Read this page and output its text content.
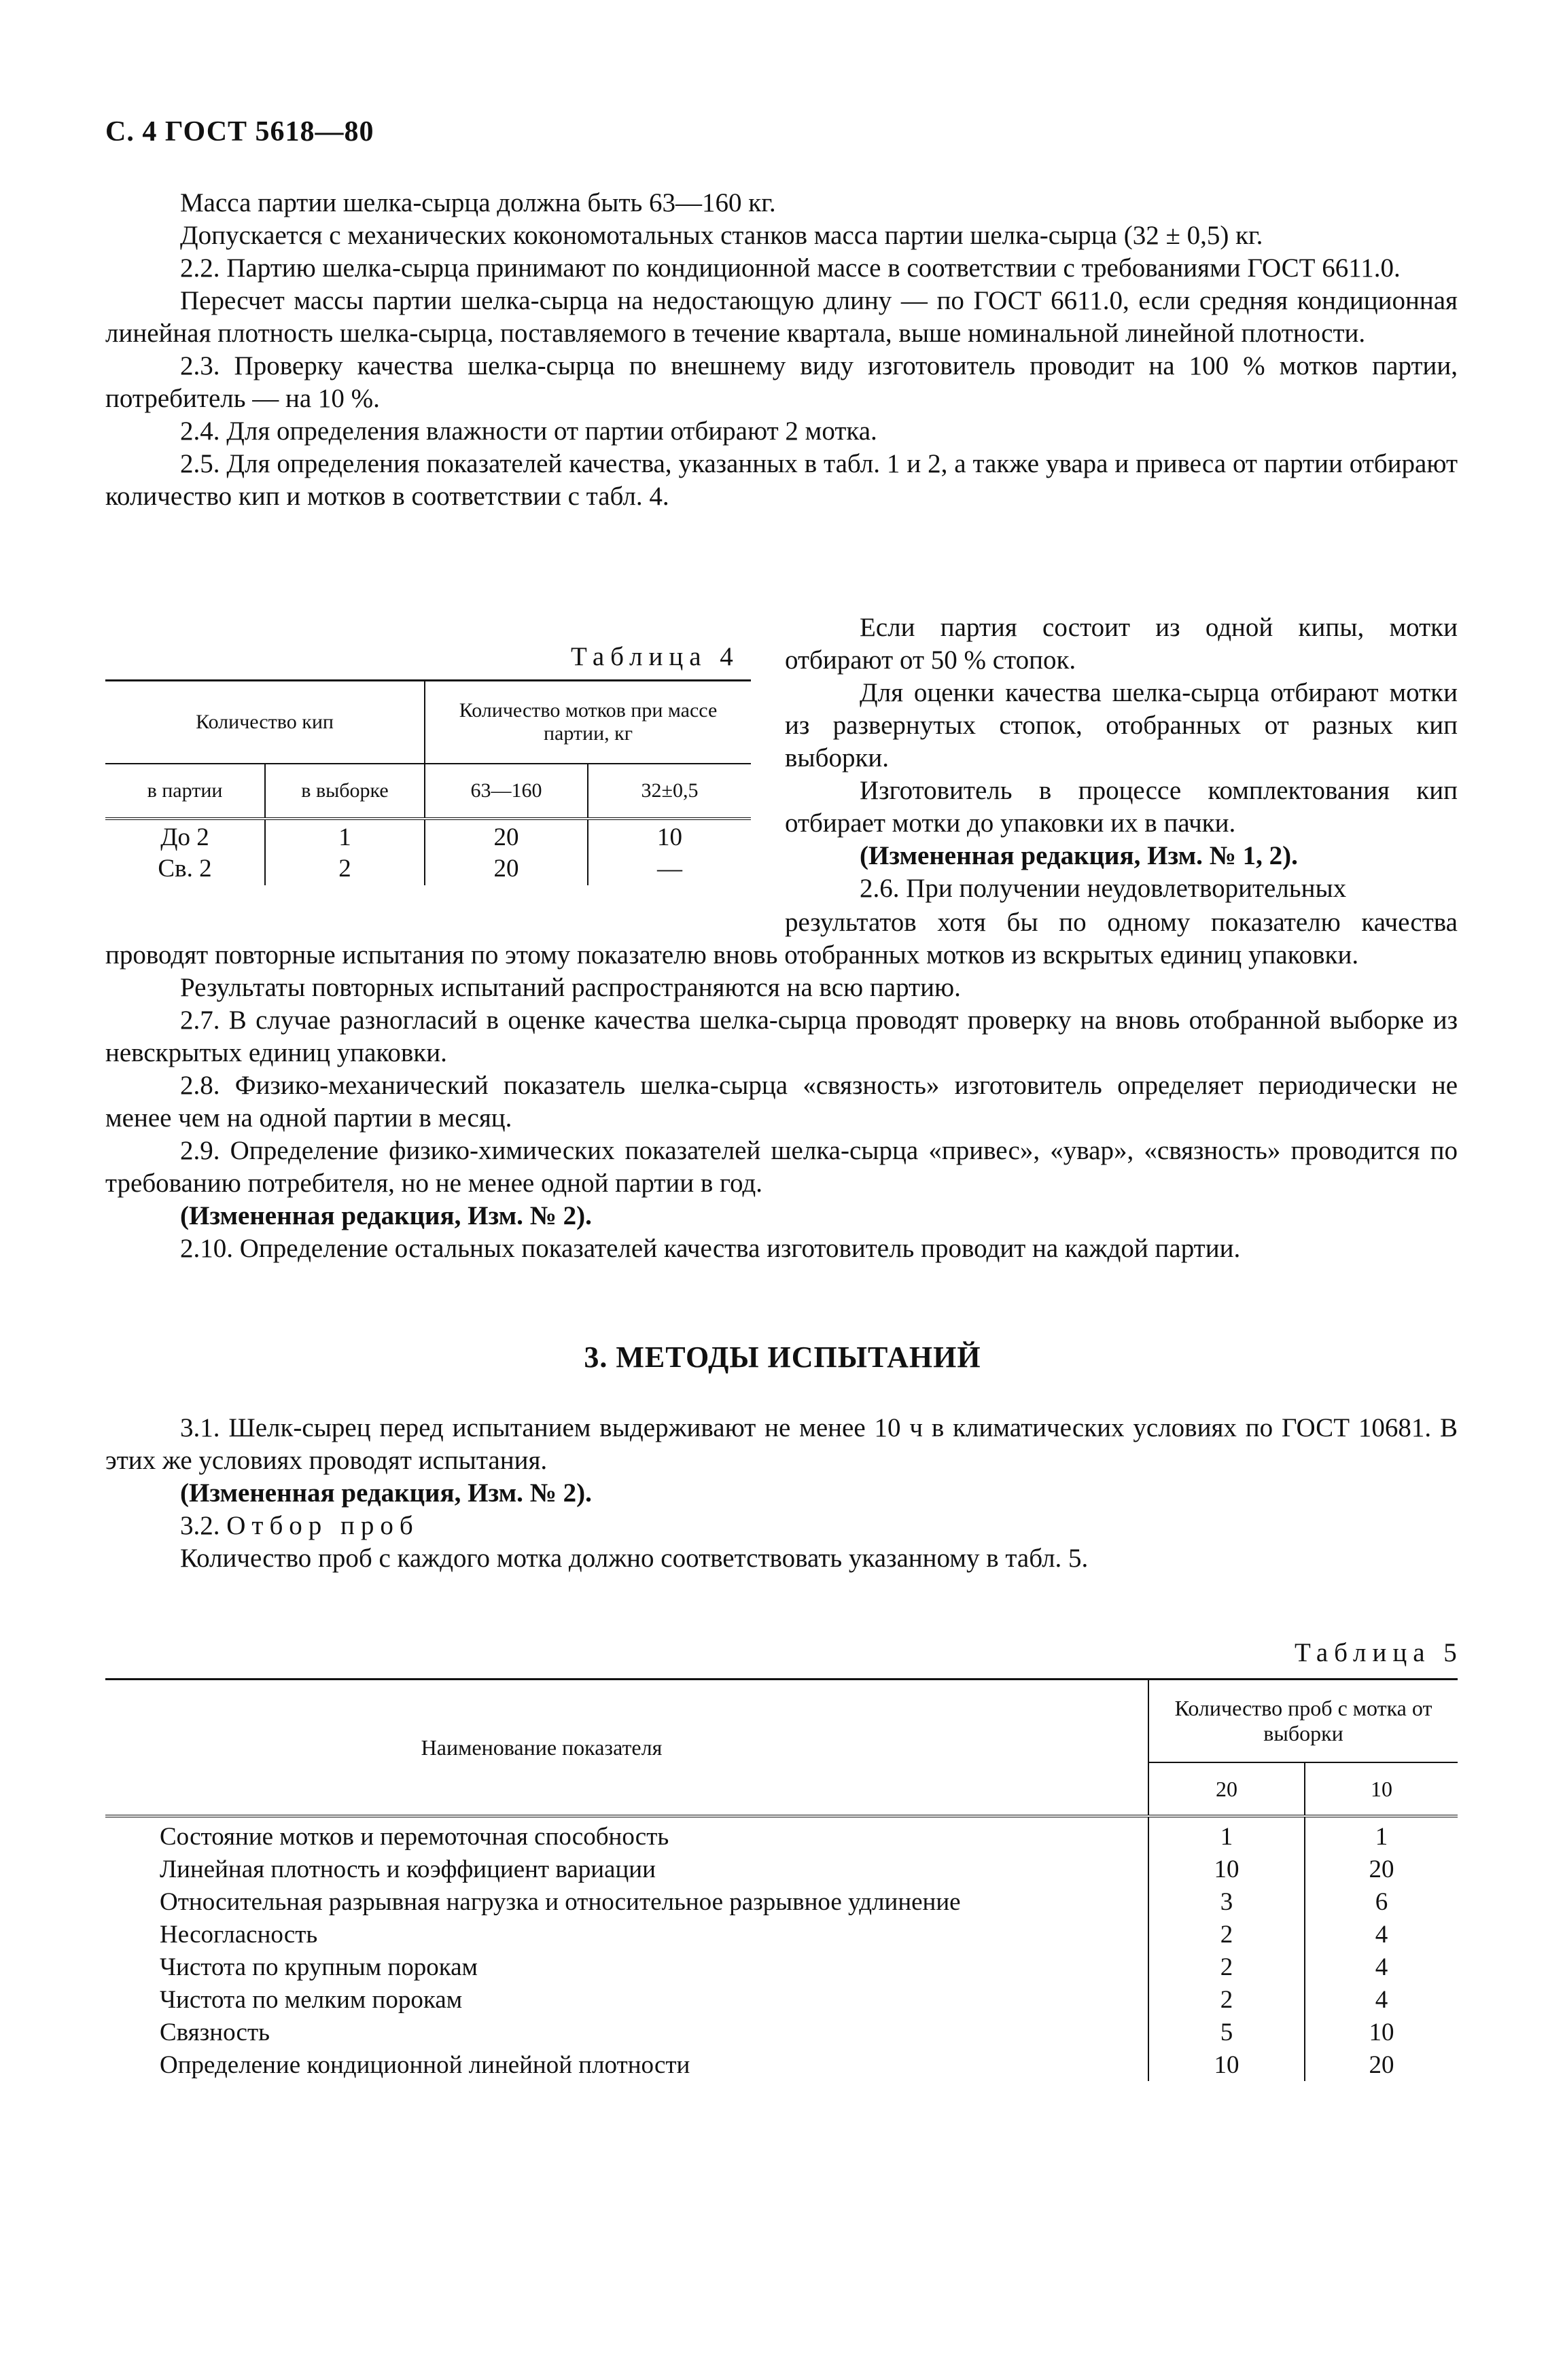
С. 4 ГОСТ 5618—80

Масса партии шелка-сырца должна быть 63—160 кг.

Допускается с механических кокономотальных станков масса партии шелка-сырца (32 ± 0,5) кг.

2.2. Партию шелка-сырца принимают по кондиционной массе в соответствии с требованиями ГОСТ 6611.0.

Пересчет массы партии шелка-сырца на недостающую длину — по ГОСТ 6611.0, если средняя кондиционная линейная плотность шелка-сырца, поставляемого в течение квартала, выше номинальной линейной плотности.

2.3. Проверку качества шелка-сырца по внешнему виду изготовитель проводит на 100 % мотков партии, потребитель — на 10 %.

2.4. Для определения влажности от партии отбирают 2 мотка.

2.5. Для определения показателей качества, указанных в табл. 1 и 2, а также увара и привеса от партии отбирают количество кип и мотков в соответствии с табл. 4.

Таблица 4
Количество кип		Количество мотков при массе партии, кг	
в партии	в выборке	63—160	32±0,5
До 2	1	20	10
Св. 2	2	20	—

Если партия состоит из одной кипы, мотки отбирают от 50 % стопок.

Для оценки качества шелка-сырца отбирают мотки из развернутых стопок, отобранных от разных кип выборки.

Изготовитель в процессе комплектования кип отбирает мотки до упаковки их в пачки.

(Измененная редакция, Изм. № 1, 2).

2.6. При получении неудовлетворительных

результатов хотя бы по одному показателю качества проводят повторные испытания по этому показателю вновь отобранных мотков из вскрытых единиц упаковки.

Результаты повторных испытаний распространяются на всю партию.

2.7. В случае разногласий в оценке качества шелка-сырца проводят проверку на вновь отобранной выборке из невскрытых единиц упаковки.

2.8. Физико-механический показатель шелка-сырца «связность» изготовитель определяет периодически не менее чем на одной партии в месяц.

2.9. Определение физико-химических показателей шелка-сырца «привес», «увар», «связность» проводится по требованию потребителя, но не менее одной партии в год.

(Измененная редакция, Изм. № 2).

2.10. Определение остальных показателей качества изготовитель проводит на каждой партии.

3. МЕТОДЫ ИСПЫТАНИЙ

3.1. Шелк-сырец перед испытанием выдерживают не менее 10 ч в климатических условиях по ГОСТ 10681. В этих же условиях проводят испытания.

(Измененная редакция, Изм. № 2).

3.2. Отбор проб

Количество проб с каждого мотка должно соответствовать указанному в табл. 5.

Таблица 5
Наименование показателя	Количество проб с мотка от выборки	
	20	10
Состояние мотков и перемоточная способность	1	1
Линейная плотность и коэффициент вариации	10	20
Относительная разрывная нагрузка и относительное разрывное удлинение	3	6
Несогласность	2	4
Чистота по крупным порокам	2	4
Чистота по мелким порокам	2	4
Связность	5	10
Определение кондиционной линейной плотности	10	20
